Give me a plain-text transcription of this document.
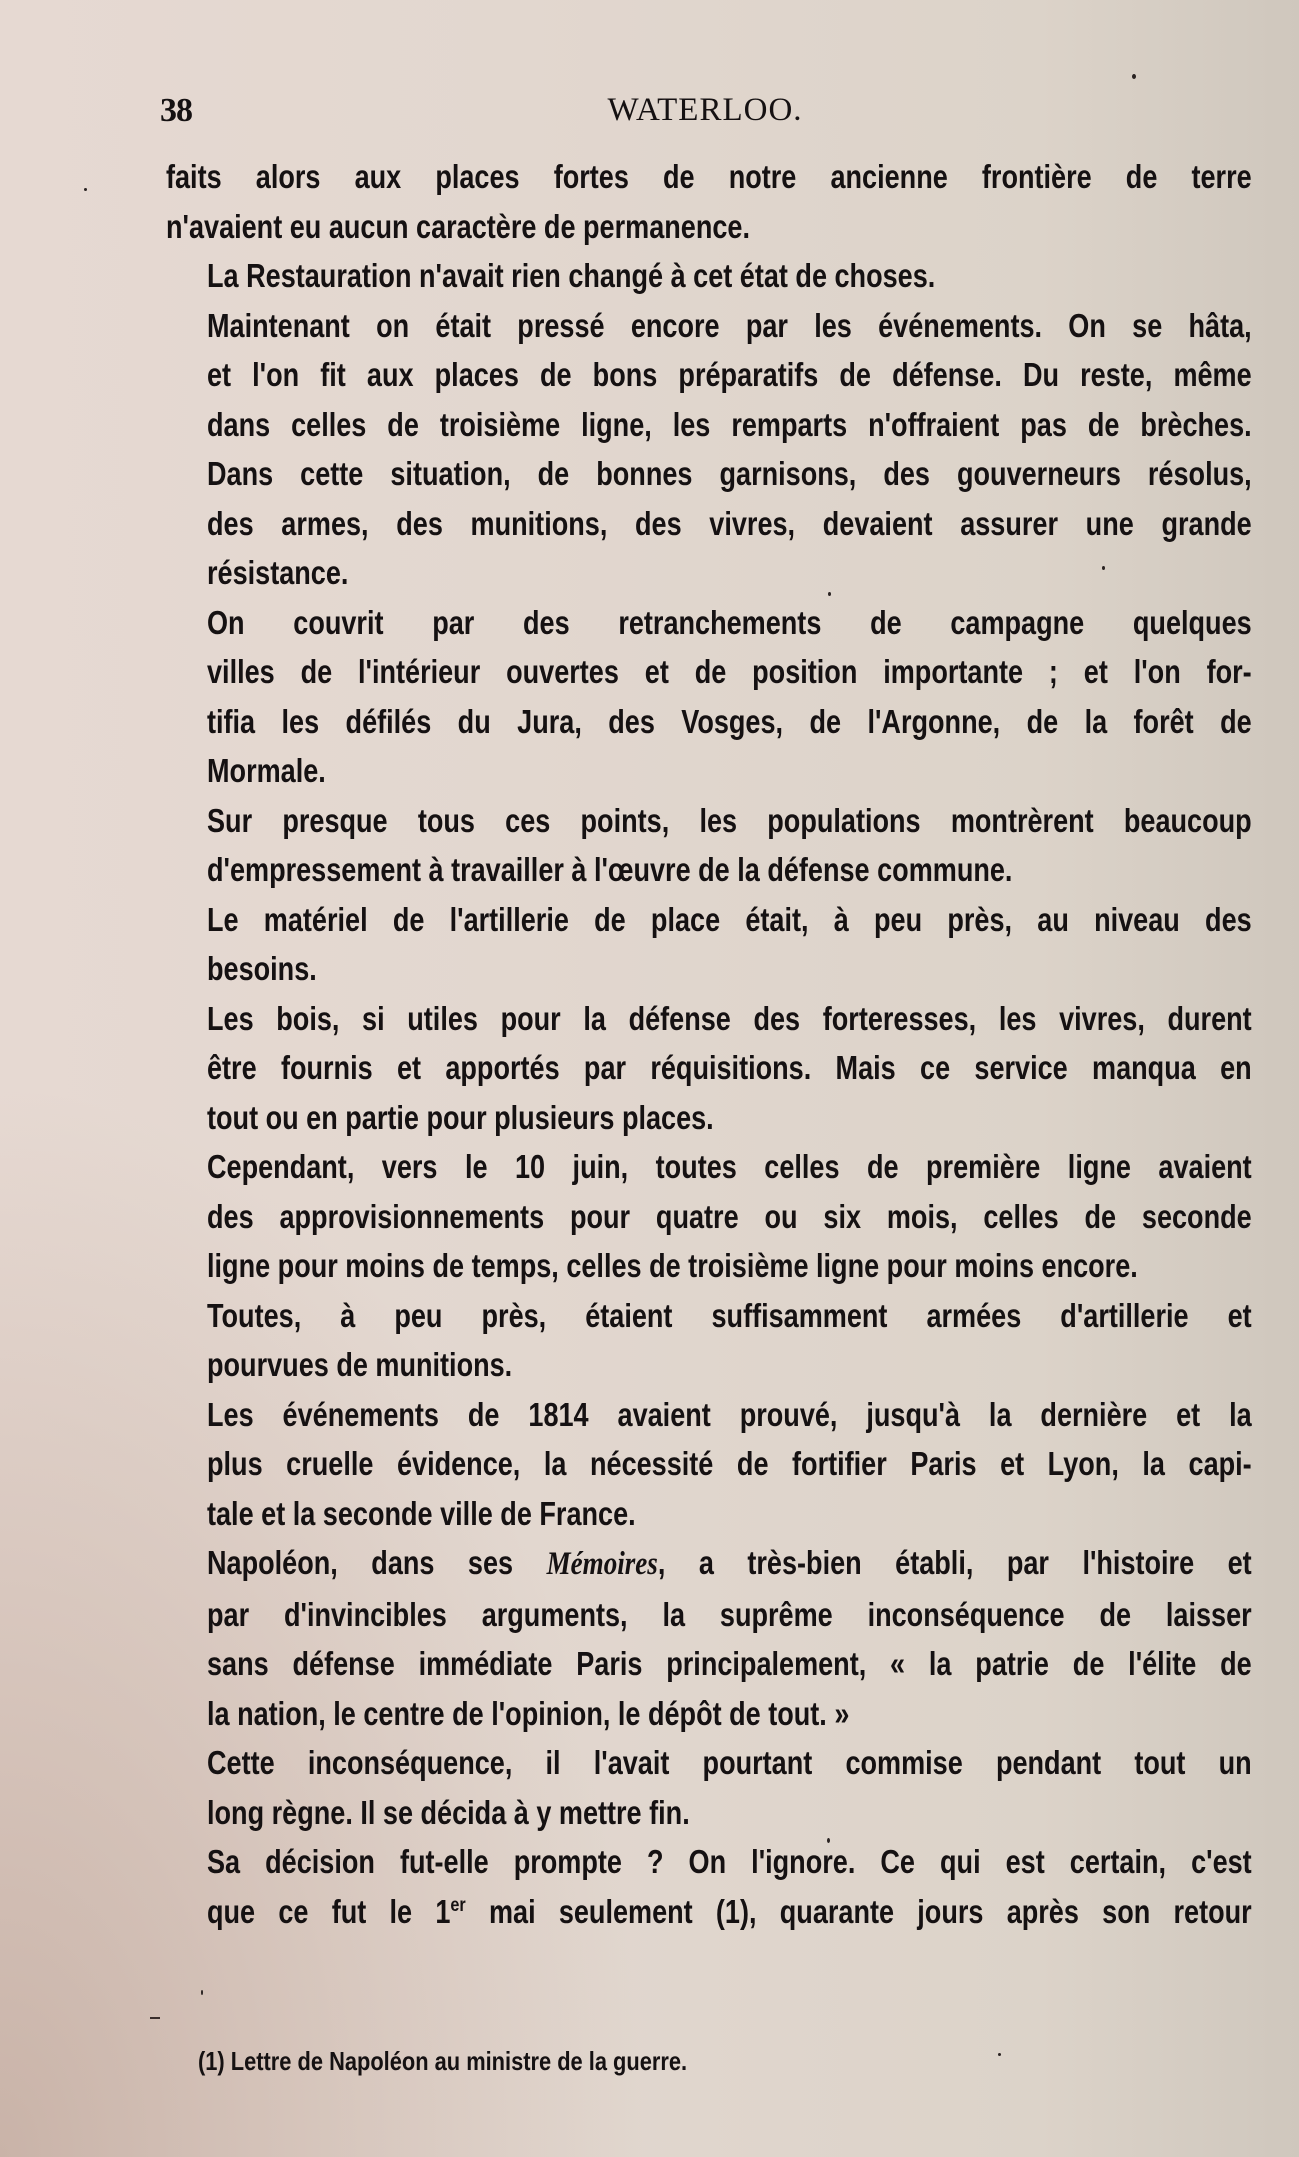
38	WATERLOO.

faits alors aux places fortes de notre ancienne frontière de terre
n'avaient eu aucun caractère de permanence.

La Restauration n'avait rien changé à cet état de choses.

Maintenant on était pressé encore par les événements. On se hâta,
et l'on fit aux places de bons préparatifs de défense. Du reste, même
dans celles de troisième ligne, les remparts n'offraient pas de brèches.
Dans cette situation, de bonnes garnisons, des gouverneurs résolus,
des armes, des munitions, des vivres, devaient assurer une grande
résistance.

On couvrit par des retranchements de campagne quelques
villes de l'intérieur ouvertes et de position importante ; et l'on for-
tifia les défilés du Jura, des Vosges, de l'Argonne, de la forêt de
Mormale.

Sur presque tous ces points, les populations montrèrent beaucoup
d'empressement à travailler à l'œuvre de la défense commune.

Le matériel de l'artillerie de place était, à peu près, au niveau des
besoins.

Les bois, si utiles pour la défense des forteresses, les vivres, durent
être fournis et apportés par réquisitions. Mais ce service manqua en
tout ou en partie pour plusieurs places.

Cependant, vers le 10 juin, toutes celles de première ligne avaient
des approvisionnements pour quatre ou six mois, celles de seconde
ligne pour moins de temps, celles de troisième ligne pour moins encore.

Toutes, à peu près, étaient suffisamment armées d'artillerie et
pourvues de munitions.

Les événements de 1814 avaient prouvé, jusqu'à la dernière et la
plus cruelle évidence, la nécessité de fortifier Paris et Lyon, la capi-
tale et la seconde ville de France.

Napoléon, dans ses Mémoires, a très-bien établi, par l'histoire et
par d'invincibles arguments, la suprême inconséquence de laisser
sans défense immédiate Paris principalement, « la patrie de l'élite de
la nation, le centre de l'opinion, le dépôt de tout. »

Cette inconséquence, il l'avait pourtant commise pendant tout un
long règne. Il se décida à y mettre fin.

Sa décision fut-elle prompte ? On l'ignore. Ce qui est certain, c'est
que ce fut le 1er mai seulement (1), quarante jours après son retour

(1) Lettre de Napoléon au ministre de la guerre.
